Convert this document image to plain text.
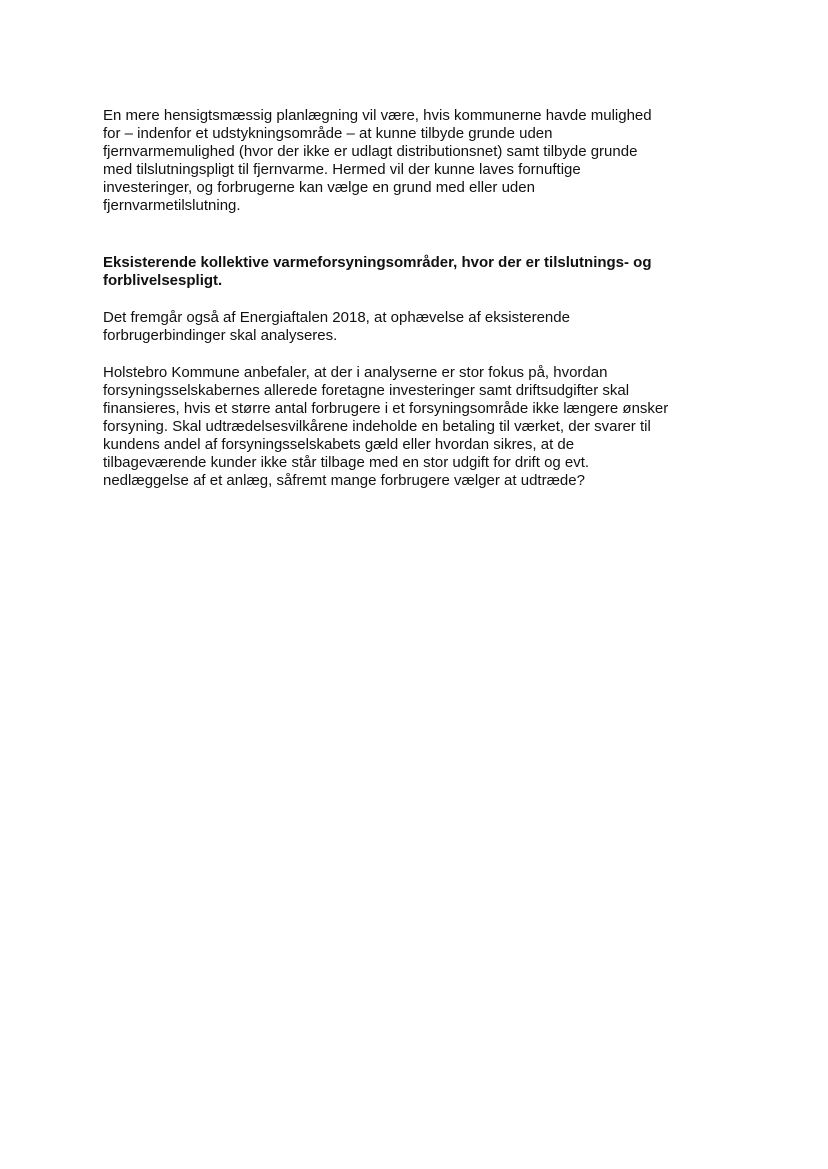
En mere hensigtsmæssig planlægning vil være, hvis kommunerne havde mulighed

for – indenfor et udstykningsområde – at kunne tilbyde grunde uden

fjernvarmemulighed (hvor der ikke er udlagt distributionsnet) samt tilbyde grunde

med tilslutningspligt til fjernvarme. Hermed vil der kunne laves fornuftige

investeringer, og forbrugerne kan vælge en grund med eller uden

fjernvarmetilslutning.

Eksisterende kollektive varmeforsyningsområder, hvor der er tilslutnings- og

forblivelsespligt.

Det fremgår også af Energiaftalen 2018, at ophævelse af eksisterende

forbrugerbindinger skal analyseres.

Holstebro Kommune anbefaler, at der i analyserne er stor fokus på, hvordan

forsyningsselskabernes allerede foretagne investeringer samt driftsudgifter skal

finansieres, hvis et større antal forbrugere i et forsyningsområde ikke længere ønsker

forsyning. Skal udtrædelsesvilkårene indeholde en betaling til værket, der svarer til

kundens andel af forsyningsselskabets gæld eller hvordan sikres, at de

tilbageværende kunder ikke står tilbage med en stor udgift for drift og evt.

nedlæggelse af et anlæg, såfremt mange forbrugere vælger at udtræde?
